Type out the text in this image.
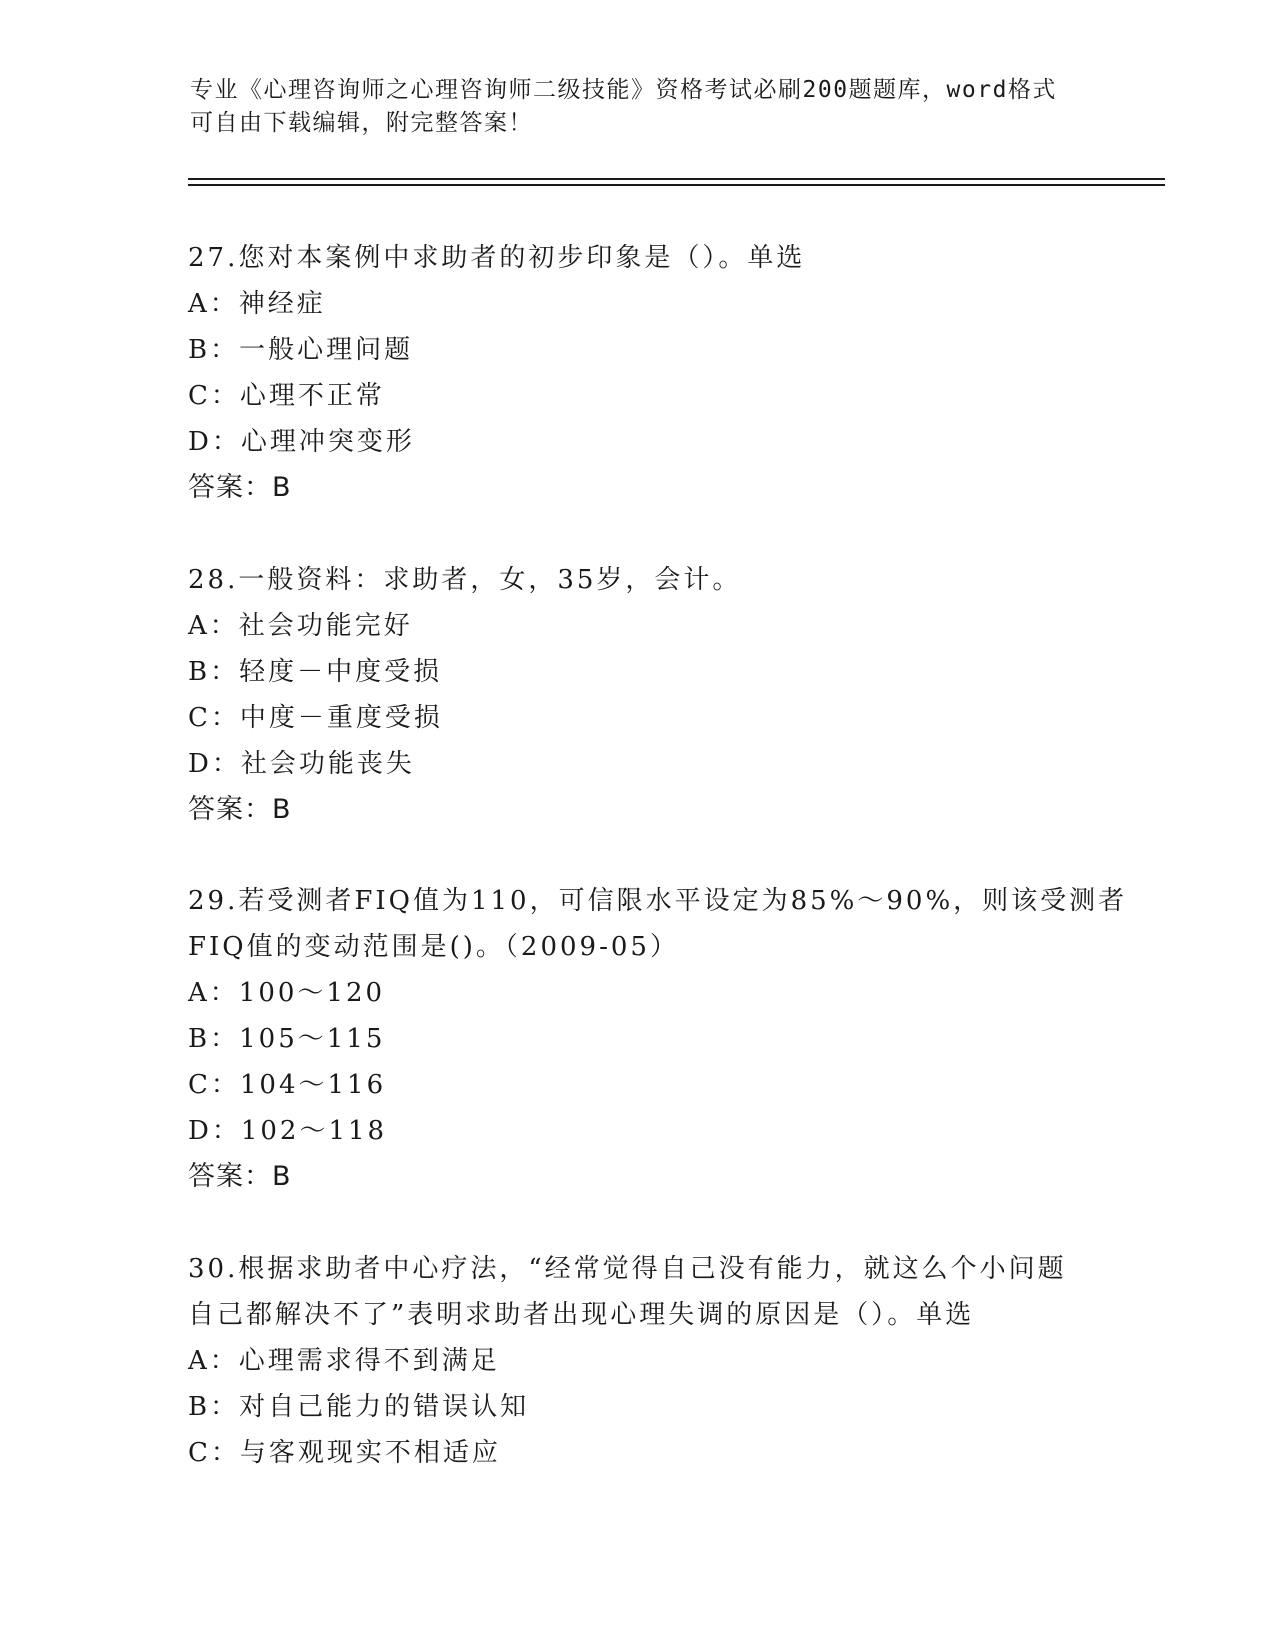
专业《心理咨询师之心理咨询师二级技能》资格考试必刷200题题库，word格式
可自由下载编辑，附完整答案！
27.您对本案例中求助者的初步印象是（）。单选
A：神经症
B：一般心理问题
C：心理不正常
D：心理冲突变形
答案：B
28.一般资料：求助者，女，35岁，会计。
A：社会功能完好
B：轻度－中度受损
C：中度－重度受损
D：社会功能丧失
答案：B
29.若受测者FIQ值为110，可信限水平设定为85%～90%，则该受测者
FIQ值的变动范围是()。（2009-05）
A：100～120
B：105～115
C：104～116
D：102～118
答案：B
30.根据求助者中心疗法，“经常觉得自己没有能力，就这么个小问题
自己都解决不了”表明求助者出现心理失调的原因是（）。单选
A：心理需求得不到满足
B：对自己能力的错误认知
C：与客观现实不相适应
